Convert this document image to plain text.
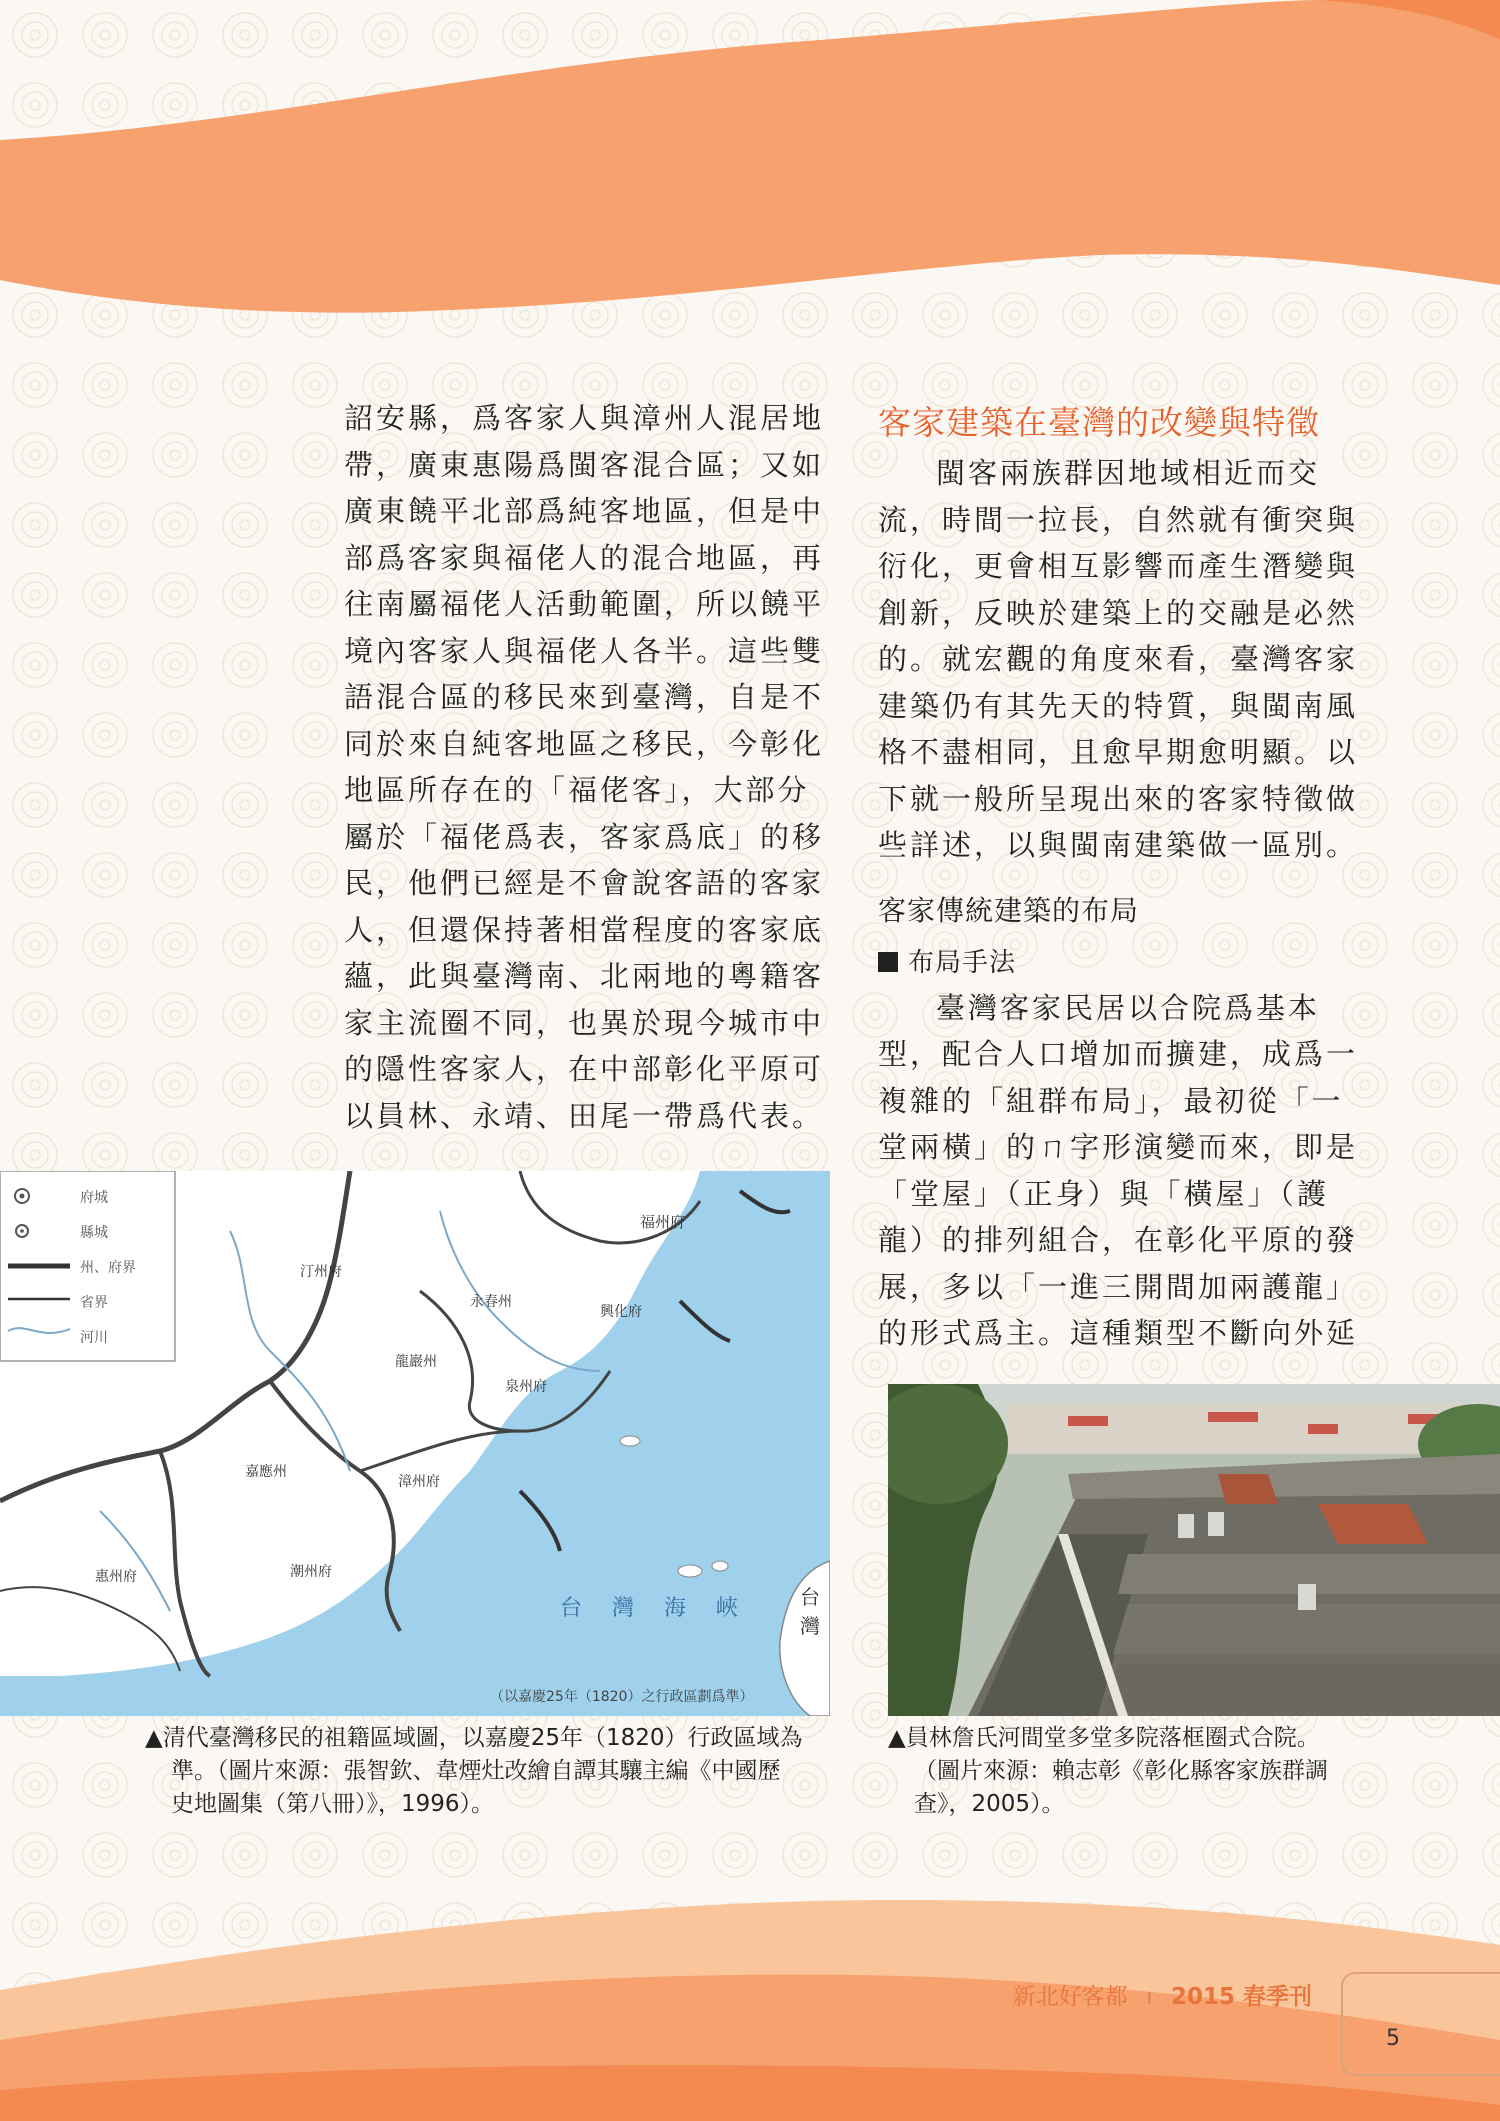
詔安縣，爲客家人與漳州人混居地帶，廣東惠陽爲閩客混合區；又如廣東饒平北部爲純客地區，但是中部爲客家與福佬人的混合地區，再往南屬福佬人活動範圍，所以饒平境內客家人與福佬人各半。這些雙語混合區的移民來到臺灣，自是不同於來自純客地區之移民，今彰化地區所存在的「福佬客」，大部分屬於「福佬爲表，客家爲底」的移民，他們已經是不會說客語的客家人，但還保持著相當程度的客家底蘊，此與臺灣南、北兩地的粵籍客家主流圈不同，也異於現今城市中的隱性客家人，在中部彰化平原可以員林、永靖、田尾一帶爲代表。

客家建築在臺灣的改變與特徵

閩客兩族群因地域相近而交流，時間一拉長，自然就有衝突與衍化，更會相互影響而產生潛變與創新，反映於建築上的交融是必然的。就宏觀的角度來看，臺灣客家建築仍有其先天的特質，與閩南風格不盡相同，且愈早期愈明顯。以下就一般所呈現出來的客家特徵做些詳述，以與閩南建築做一區別。

客家傳統建築的布局
布局手法

臺灣客家民居以合院爲基本型，配合人口增加而擴建，成爲一複雜的「組群布局」，最初從「一堂兩橫」的ㄇ字形演變而來，即是「堂屋」（正身）與「橫屋」（護龍）的排列組合，在彰化平原的發展，多以「一進三開間加兩護龍」的形式爲主。這種類型不斷向外延

府城
縣城
州、府界
省界
河川
福州府
興化府
泉州府
漳州府
汀州府
潮州府
惠州府
嘉應州
龍巖州
永春州
台灣海峽 台灣
（以嘉慶25年（1820）之行政區劃爲準）
▲清代臺灣移民的祖籍區域圖，以嘉慶25年（1820）行政區域為
準。（圖片來源：張智欽、韋煙灶改繪自譚其驤主編《中國歷
史地圖集（第八冊）》，1996）。
▲員林詹氏河間堂多堂多院落框圈式合院。
（圖片來源：賴志彰《彰化縣客家族群調
查》，2005）。
新北好客都 I 2015 春季刊
5
